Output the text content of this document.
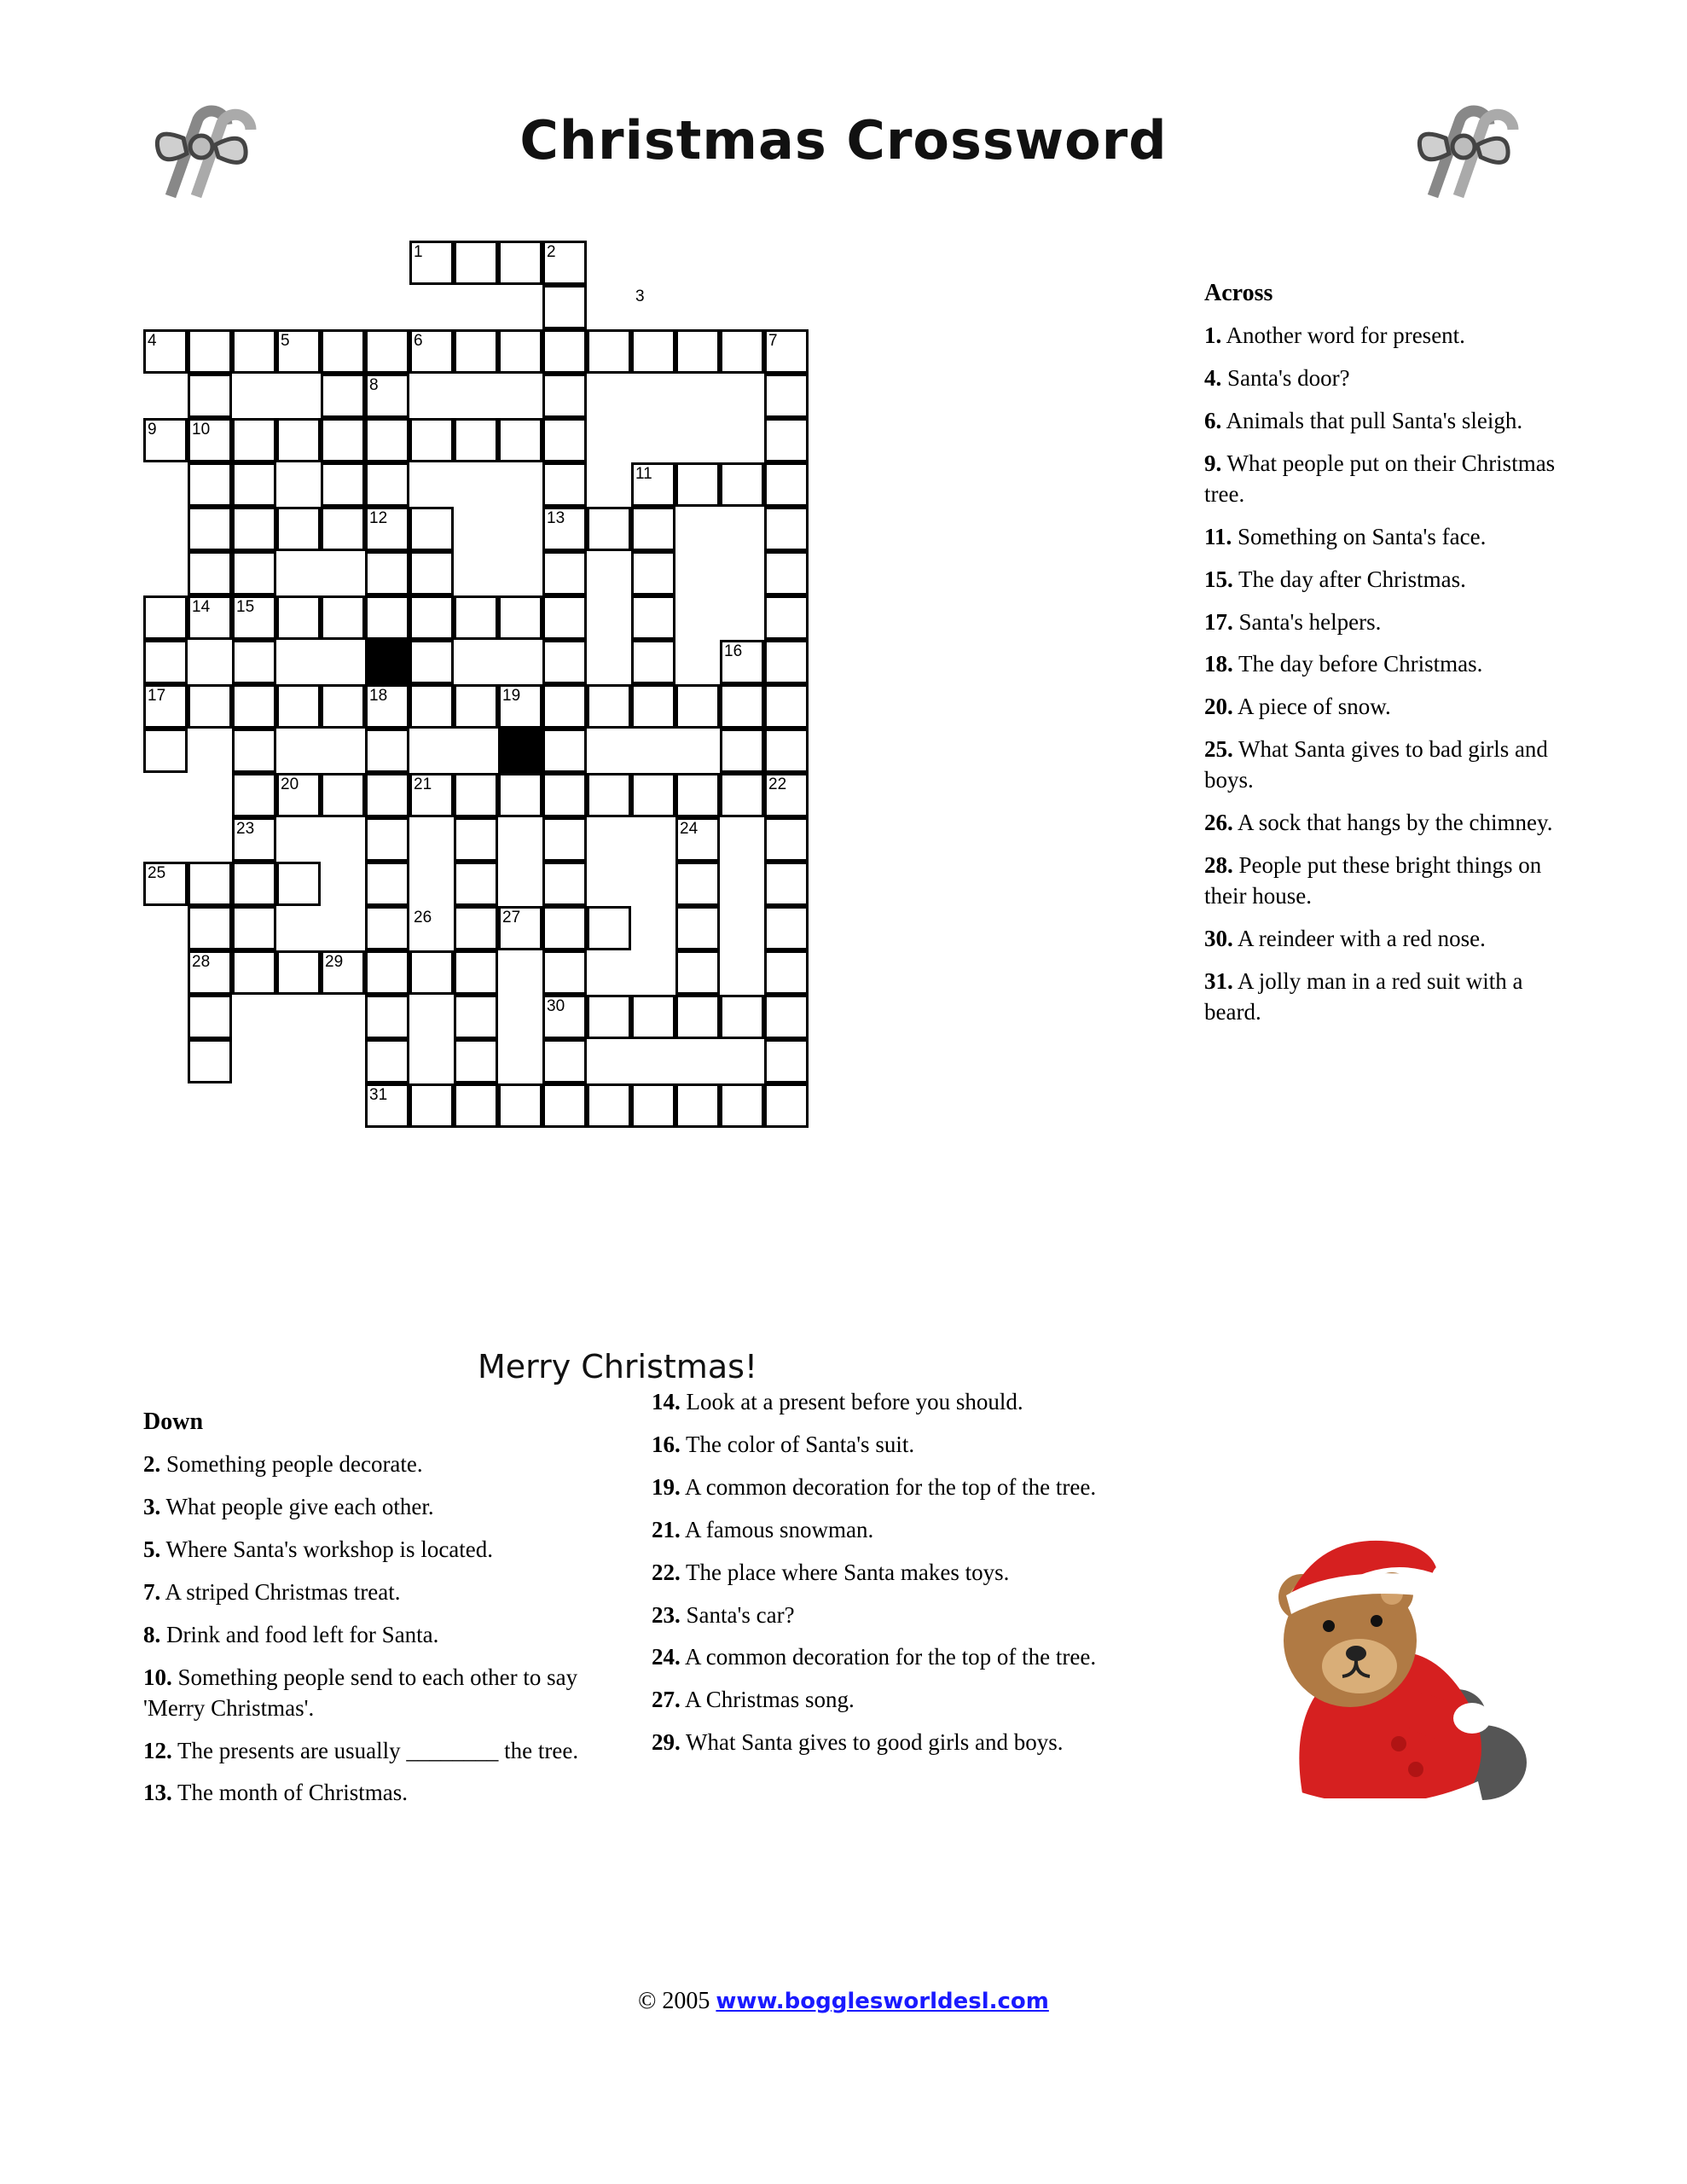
Christmas Crossword
1	2
3
4	5	6	7
8
9 10
11
12	13
14 15
16
17	18	19
20	21	22
23	24
25
26	27
28	29
30
31
Merry Christmas!
Across
1. Another word for present.
4. Santa's door?
6. Animals that pull Santa's sleigh.
9. What people put on their Christmas tree.
11. Something on Santa's face.
15. The day after Christmas.
17. Santa's helpers.
18. The day before Christmas.
20. A piece of snow.
25. What Santa gives to bad girls and boys.
26. A sock that hangs by the chimney.
28. People put these bright things on their house.
30. A reindeer with a red nose.
31. A jolly man in a red suit with a beard.
Down
2. Something people decorate.
3. What people give each other.
5. Where Santa's workshop is located.
7. A striped Christmas treat.
8. Drink and food left for Santa.
10. Something people send to each other to say 'Merry Christmas'.
12. The presents are usually ________ the tree.
13. The month of Christmas.
14. Look at a present before you should.
16. The color of Santa's suit.
19. A common decoration for the top of the tree.
21. A famous snowman.
22. The place where Santa makes toys.
23. Santa's car?
24. A common decoration for the top of the tree.
27. A Christmas song.
29. What Santa gives to good girls and boys.
© 2005 www.bogglesworldesl.com
